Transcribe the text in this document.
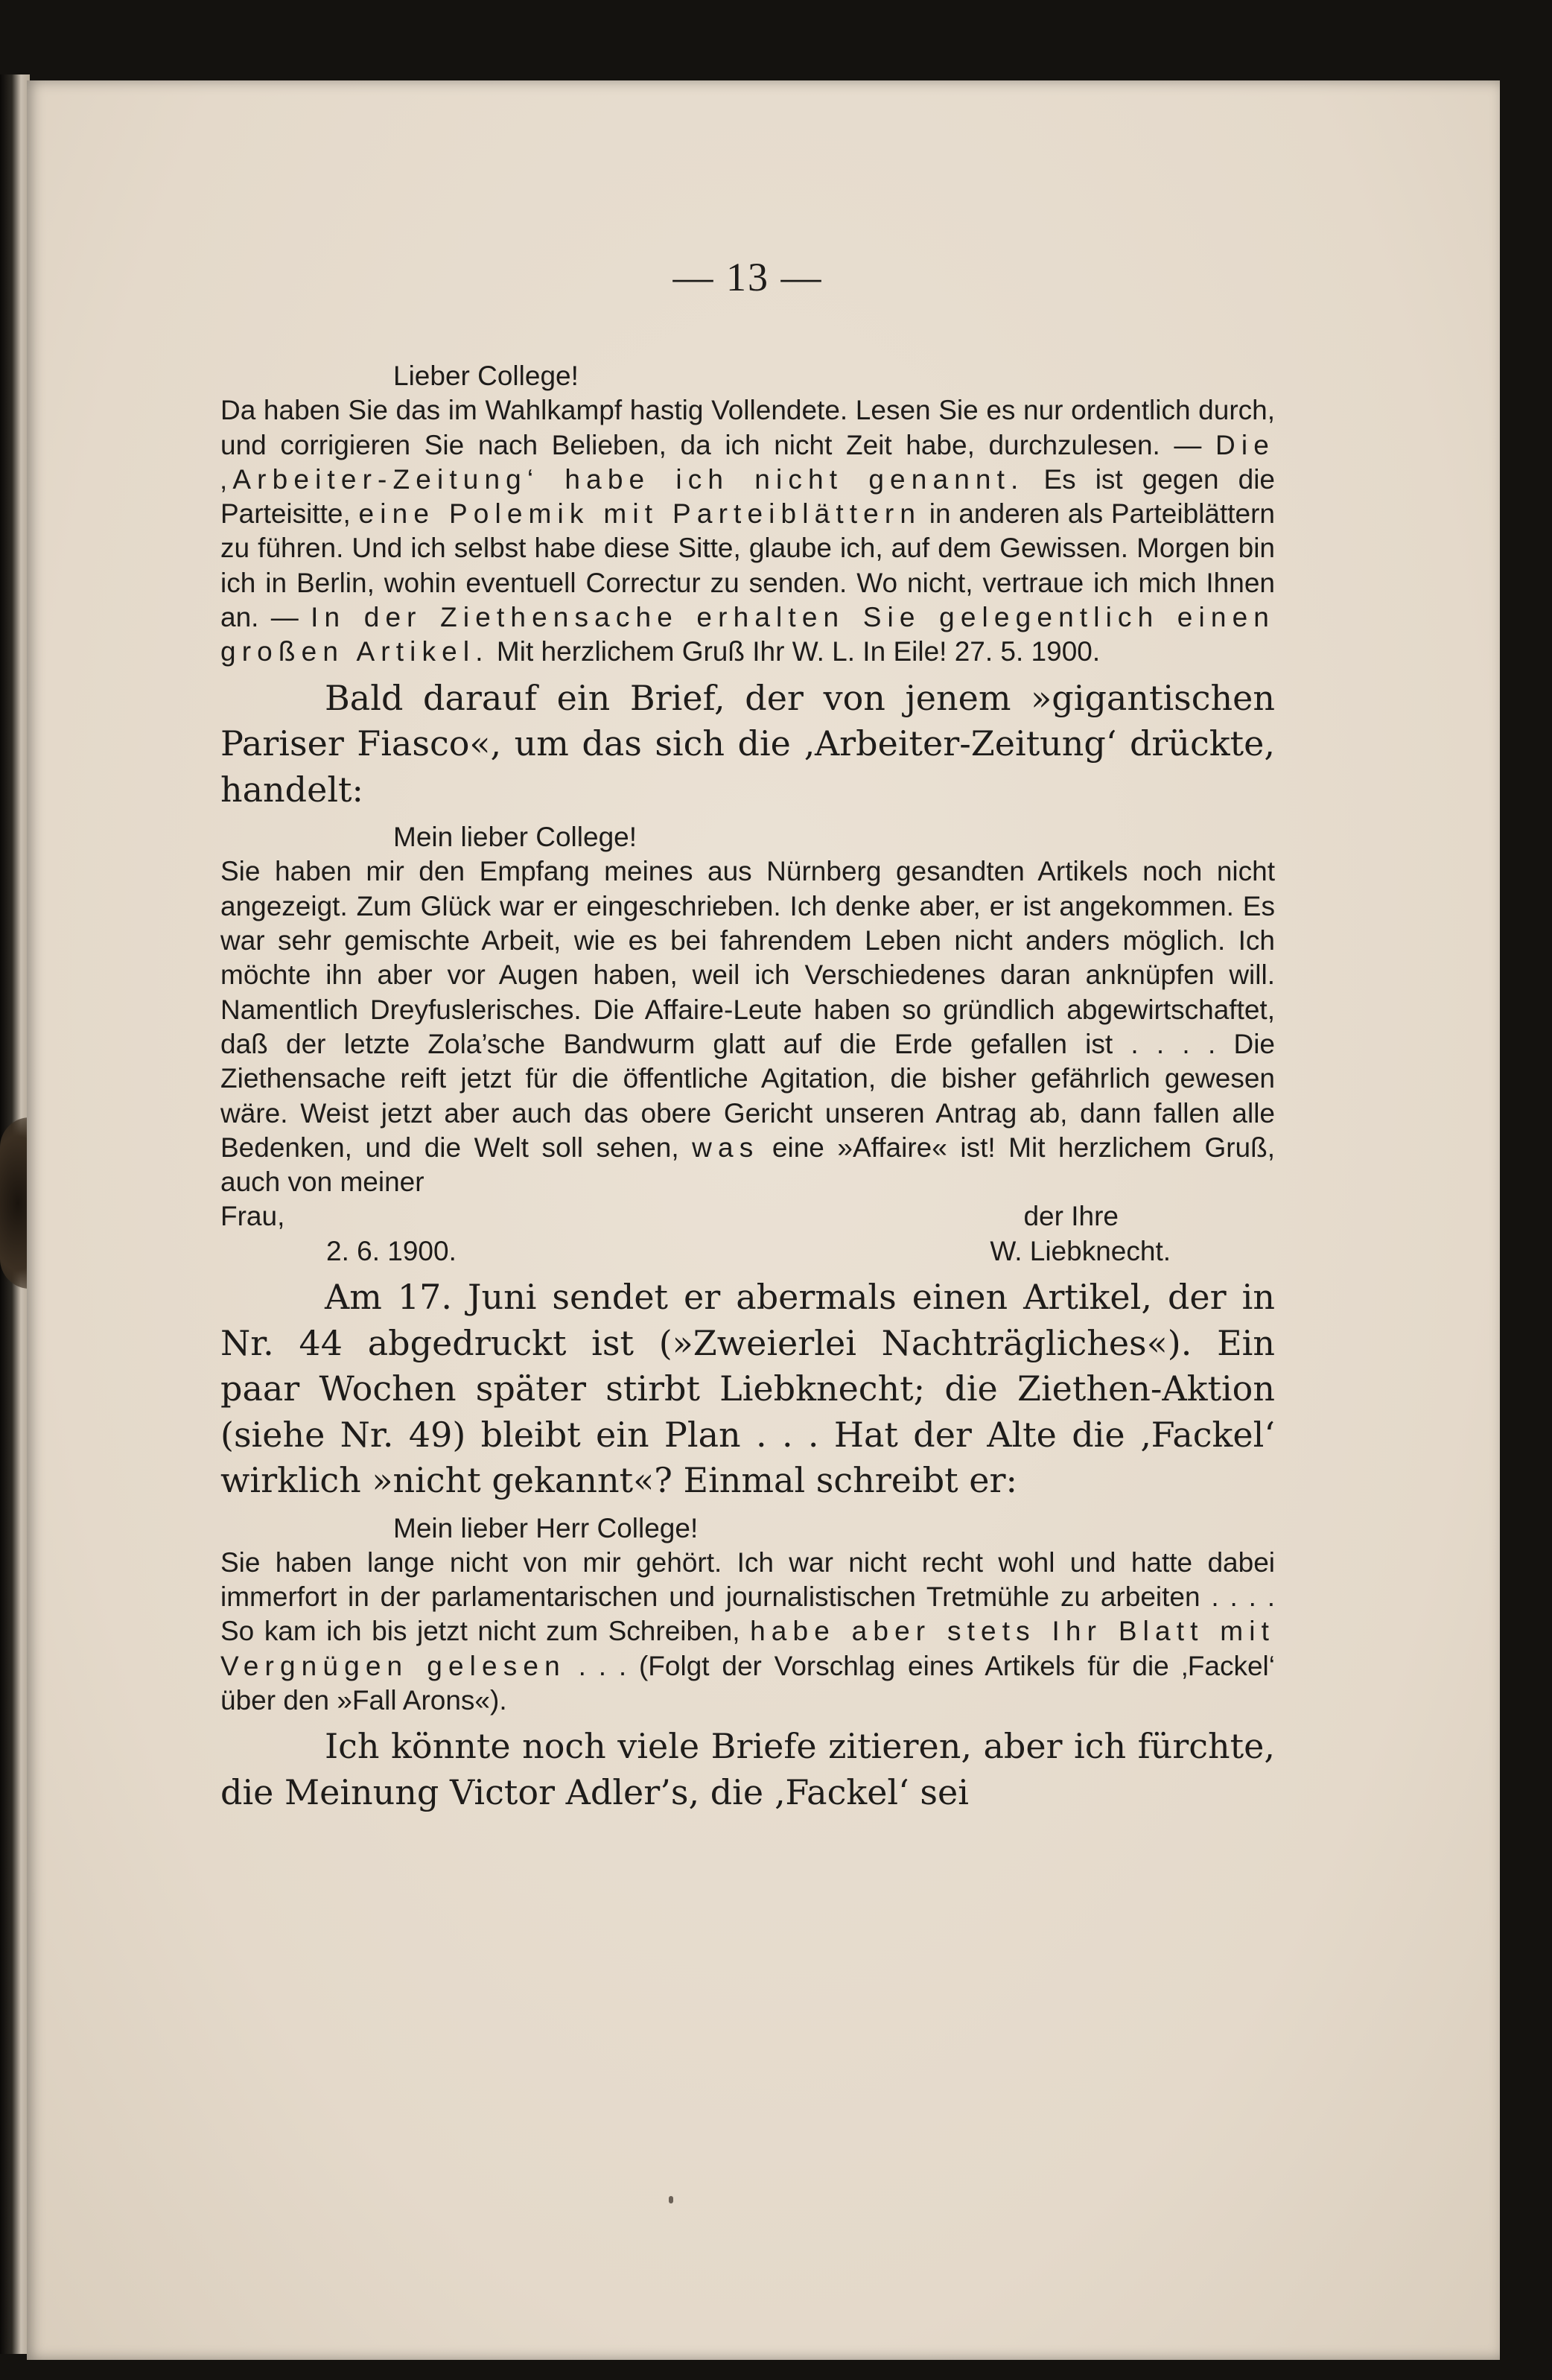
— 13 —

Lieber College!

Da haben Sie das im Wahlkampf hastig Vollendete. Lesen Sie es nur ordentlich durch, und corrigieren Sie nach Belieben, da ich nicht Zeit habe, durchzulesen. — Die ‚Arbeiter-Zeitung‘ habe ich nicht genannt. Es ist gegen die Parteisitte, eine Polemik mit Parteiblättern in anderen als Parteiblättern zu führen. Und ich selbst habe diese Sitte, glaube ich, auf dem Gewissen. Morgen bin ich in Berlin, wohin eventuell Correctur zu senden. Wo nicht, vertraue ich mich Ihnen an. — In der Ziethensache erhalten Sie gelegentlich einen großen Artikel. Mit herzlichem Gruß Ihr W. L. In Eile! 27. 5. 1900.

Bald darauf ein Brief, der von jenem »gigantischen Pariser Fiasco«, um das sich die ‚Arbeiter-Zeitung‘ drückte, handelt:

Mein lieber College!

Sie haben mir den Empfang meines aus Nürnberg gesandten Artikels noch nicht angezeigt. Zum Glück war er eingeschrieben. Ich denke aber, er ist angekommen. Es war sehr gemischte Arbeit, wie es bei fahrendem Leben nicht anders möglich. Ich möchte ihn aber vor Augen haben, weil ich Verschiedenes daran anknüpfen will. Namentlich Dreyfuslerisches. Die Affaire-Leute haben so gründlich abgewirtschaftet, daß der letzte Zola’sche Bandwurm glatt auf die Erde gefallen ist . . . . Die Ziethensache reift jetzt für die öffentliche Agitation, die bisher gefährlich gewesen wäre. Weist jetzt aber auch das obere Gericht unseren Antrag ab, dann fallen alle Bedenken, und die Welt soll sehen, was eine »Affaire« ist! Mit herzlichem Gruß, auch von meiner

Frau,	der Ihre
2. 6. 1900.	W. Liebknecht.

Am 17. Juni sendet er abermals einen Artikel, der in Nr. 44 abgedruckt ist (»Zweierlei Nachträgliches«). Ein paar Wochen später stirbt Liebknecht; die Ziethen-Aktion (siehe Nr. 49) bleibt ein Plan . . . Hat der Alte die ‚Fackel‘ wirklich »nicht gekannt«? Einmal schreibt er:

Mein lieber Herr College!

Sie haben lange nicht von mir gehört. Ich war nicht recht wohl und hatte dabei immerfort in der parlamentarischen und journalistischen Tretmühle zu arbeiten . . . . So kam ich bis jetzt nicht zum Schreiben, habe aber stets Ihr Blatt mit Vergnügen gelesen . . . (Folgt der Vorschlag eines Artikels für die ‚Fackel‘ über den »Fall Arons«).

Ich könnte noch viele Briefe zitieren, aber ich fürchte, die Meinung Victor Adler’s, die ‚Fackel‘ sei
